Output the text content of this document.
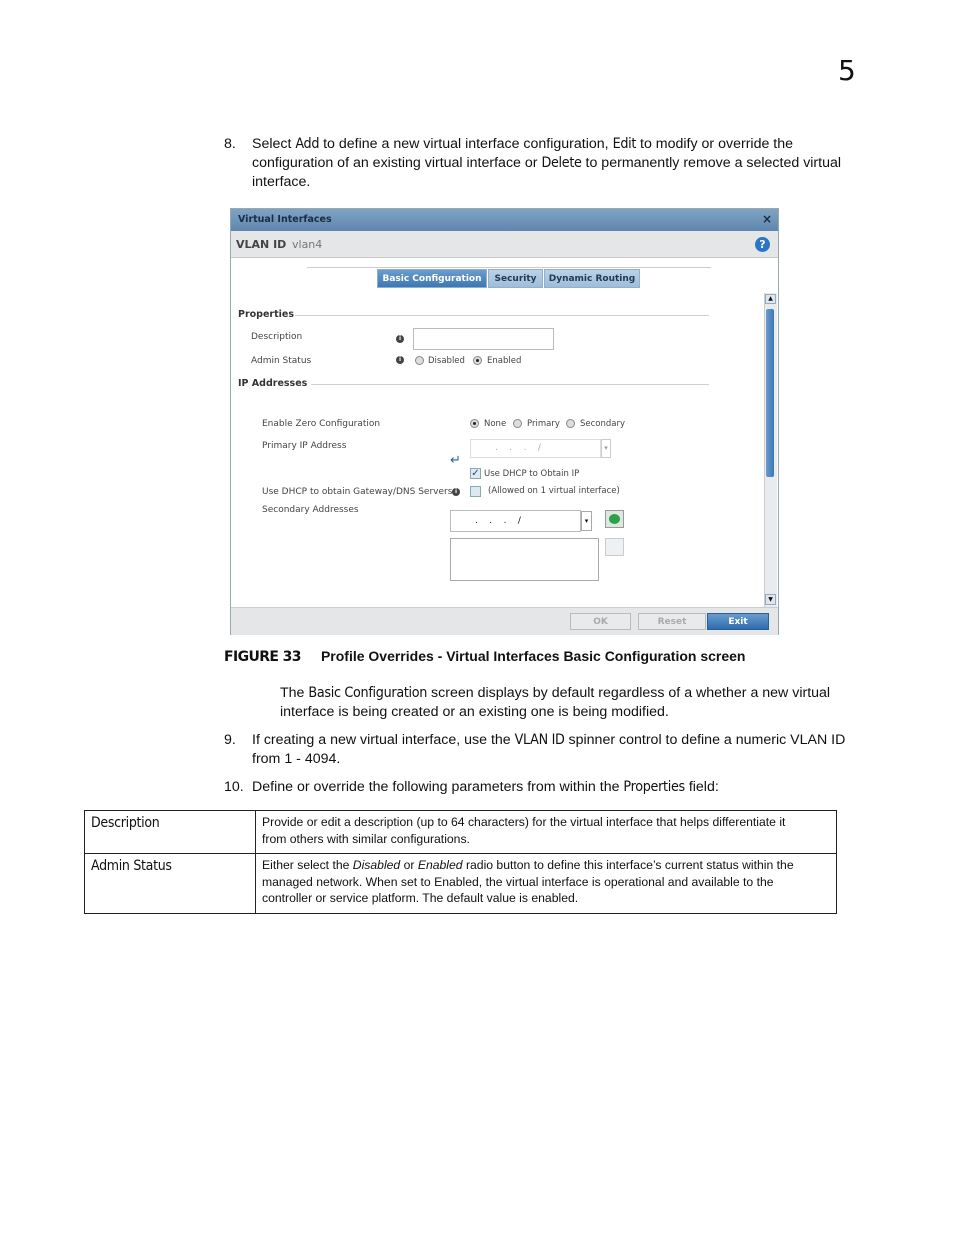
5
8.	Select Add to define a new virtual interface configuration, Edit to modify or override the
configuration of an existing virtual interface or Delete to permanently remove a selected virtual
interface.
Virtual Interfaces	×
VLAN ID vlan4	?
Basic Configuration	Security	Dynamic Routing
Properties
Description	i
Admin Status	i	Disabled	Enabled
IP Addresses
Enable Zero Configuration	None Primary Secondary
Primary IP Address	.    .    .    /	▾
↵
✓ Use DHCP to Obtain IP
Use DHCP to obtain Gateway/DNS Servers i	(Allowed on 1 virtual interface)
Secondary Addresses
.    .    .    /	▾
▲
▼
OK	Reset	Exit
FIGURE 33 Profile Overrides - Virtual Interfaces Basic Configuration screen
The Basic Configuration screen displays by default regardless of a whether a new virtual
interface is being created or an existing one is being modified.
9.	If creating a new virtual interface, use the VLAN ID spinner control to define a numeric VLAN ID
from 1 - 4094.
10. Define or override the following parameters from within the Properties field:
Description	Provide or edit a description (up to 64 characters) for the virtual interface that helps differentiate it
from others with similar configurations.

Admin Status	Either select the Disabled or Enabled radio button to define this interface’s current status within the
managed network. When set to Enabled, the virtual interface is operational and available to the
controller or service platform. The default value is enabled.
